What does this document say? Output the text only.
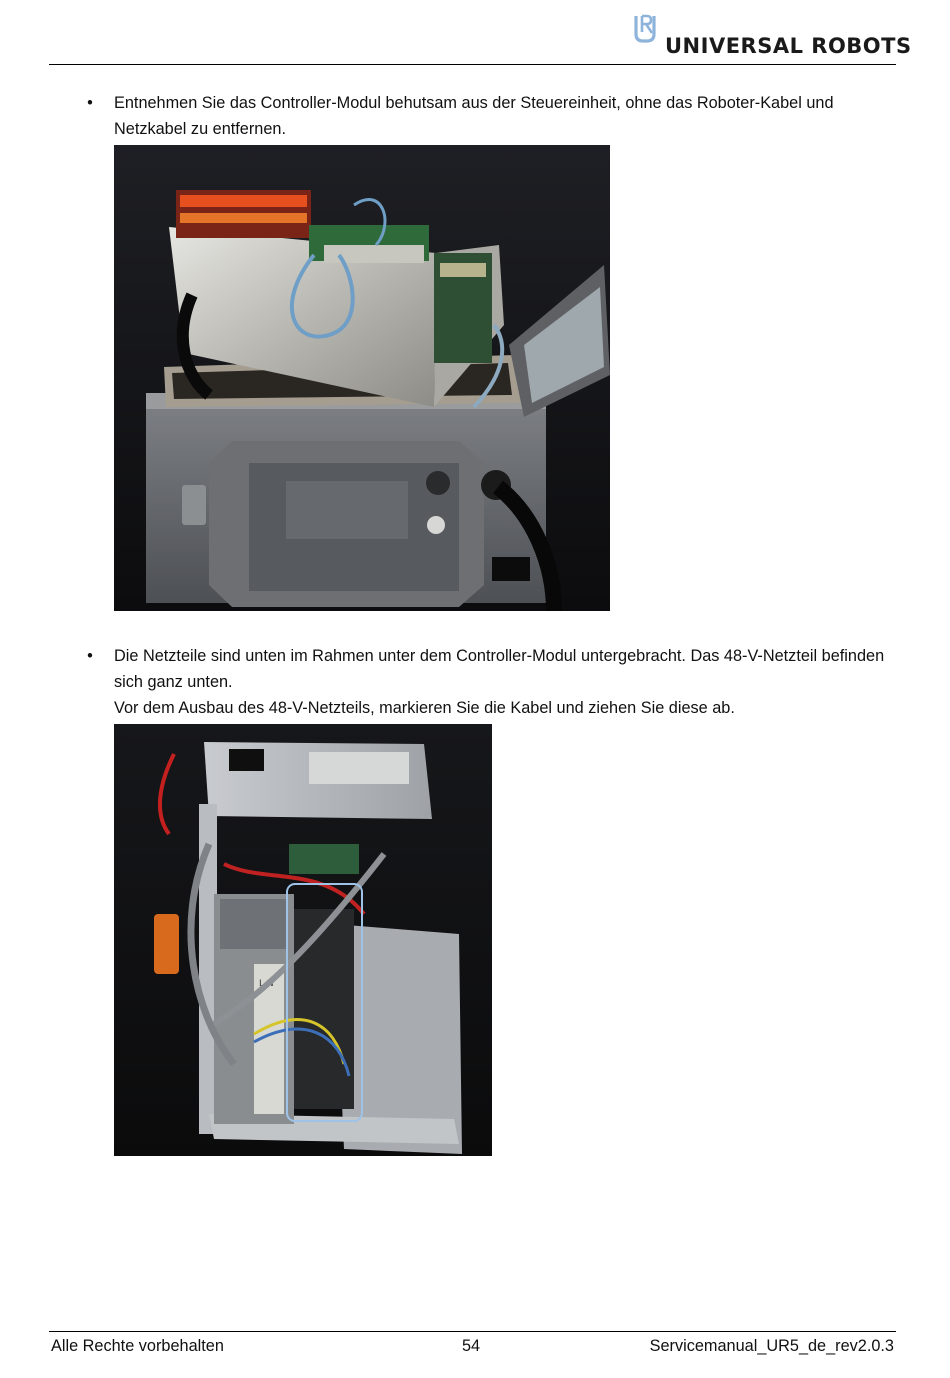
UNIVERSAL ROBOTS
•	Entnehmen Sie das Controller-Modul behutsam aus der Steuereinheit, ohne das Roboter-Kabel und Netzkabel zu entfernen.

•	Die Netzteile sind unten im Rahmen unter dem Controller-Modul untergebracht. Das 48-V-Netzteil befinden sich ganz unten.

Vor dem Ausbau des 48-V-Netzteils, markieren Sie die Kabel und ziehen Sie diese ab.

L N
Alle Rechte vorbehalten	54	Servicemanual_UR5_de_rev2.0.3
